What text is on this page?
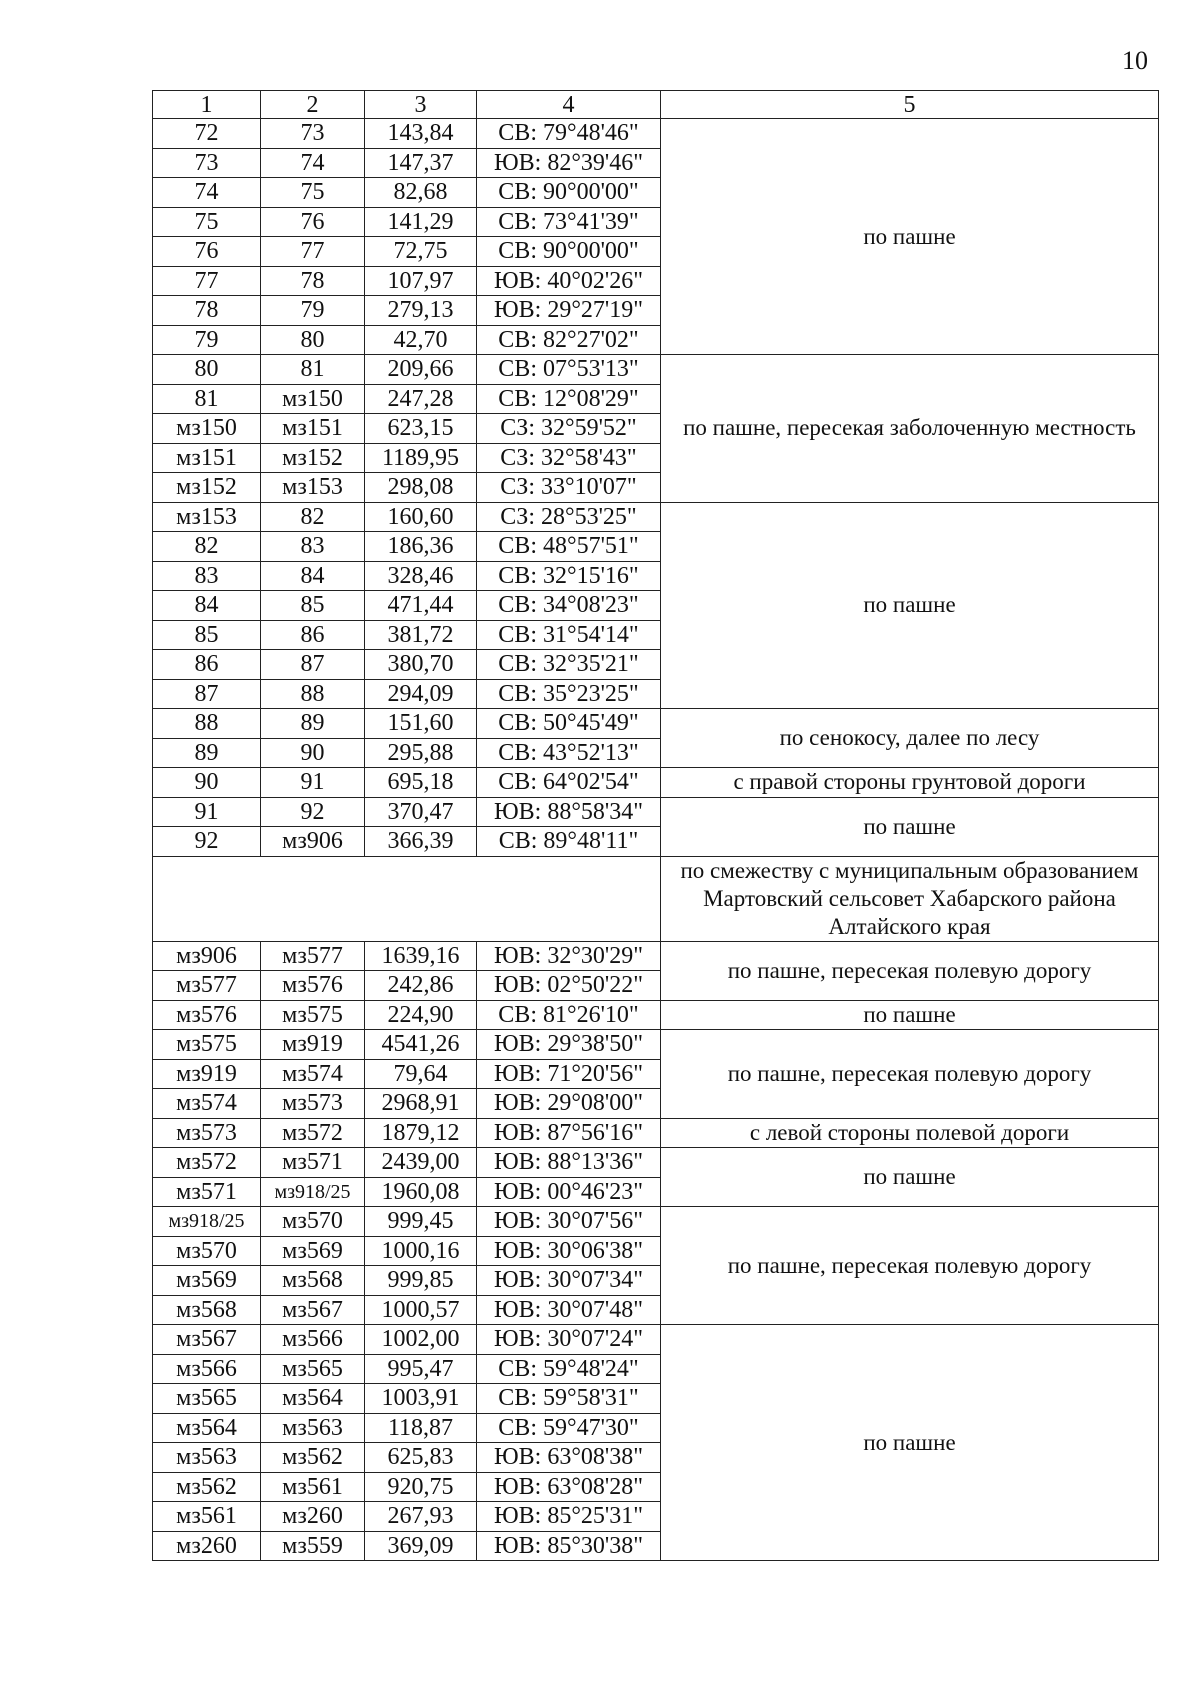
10
1	2	3	4	5
72	73	143,84	СВ: 79°48'46"	по пашне
73	74	147,37	ЮВ: 82°39'46"	
74	75	82,68	СВ: 90°00'00"	
75	76	141,29	СВ: 73°41'39"	
76	77	72,75	СВ: 90°00'00"	
77	78	107,97	ЮВ: 40°02'26"	
78	79	279,13	ЮВ: 29°27'19"	
79	80	42,70	СВ: 82°27'02"	
80	81	209,66	СВ: 07°53'13"	по пашне, пересекая заболоченную местность
81	мз150	247,28	СВ: 12°08'29"	
мз150	мз151	623,15	СЗ: 32°59'52"	
мз151	мз152	1189,95	СЗ: 32°58'43"	
мз152	мз153	298,08	СЗ: 33°10'07"	
мз153	82	160,60	СЗ: 28°53'25"	по пашне
82	83	186,36	СВ: 48°57'51"	
83	84	328,46	СВ: 32°15'16"	
84	85	471,44	СВ: 34°08'23"	
85	86	381,72	СВ: 31°54'14"	
86	87	380,70	СВ: 32°35'21"	
87	88	294,09	СВ: 35°23'25"	
88	89	151,60	СВ: 50°45'49"	по сенокосу, далее по лесу
89	90	295,88	СВ: 43°52'13"	
90	91	695,18	СВ: 64°02'54"	с правой стороны грунтовой дороги
91	92	370,47	ЮВ: 88°58'34"	по пашне
92	мз906	366,39	СВ: 89°48'11"	
				по смежеству с муниципальным образованием Мартовский сельсовет Хабарского района Алтайского края
мз906	мз577	1639,16	ЮВ: 32°30'29"	по пашне, пересекая полевую дорогу
мз577	мз576	242,86	ЮВ: 02°50'22"	
мз576	мз575	224,90	СВ: 81°26'10"	по пашне
мз575	мз919	4541,26	ЮВ: 29°38'50"	по пашне, пересекая полевую дорогу
мз919	мз574	79,64	ЮВ: 71°20'56"	
мз574	мз573	2968,91	ЮВ: 29°08'00"	
мз573	мз572	1879,12	ЮВ: 87°56'16"	с левой стороны полевой дороги
мз572	мз571	2439,00	ЮВ: 88°13'36"	по пашне
мз571	мз918/25	1960,08	ЮВ: 00°46'23"	
мз918/25	мз570	999,45	ЮВ: 30°07'56"	по пашне, пересекая полевую дорогу
мз570	мз569	1000,16	ЮВ: 30°06'38"	
мз569	мз568	999,85	ЮВ: 30°07'34"	
мз568	мз567	1000,57	ЮВ: 30°07'48"	
мз567	мз566	1002,00	ЮВ: 30°07'24"	по пашне
мз566	мз565	995,47	СВ: 59°48'24"	
мз565	мз564	1003,91	СВ: 59°58'31"	
мз564	мз563	118,87	СВ: 59°47'30"	
мз563	мз562	625,83	ЮВ: 63°08'38"	
мз562	мз561	920,75	ЮВ: 63°08'28"	
мз561	мз260	267,93	ЮВ: 85°25'31"	
мз260	мз559	369,09	ЮВ: 85°30'38"	
